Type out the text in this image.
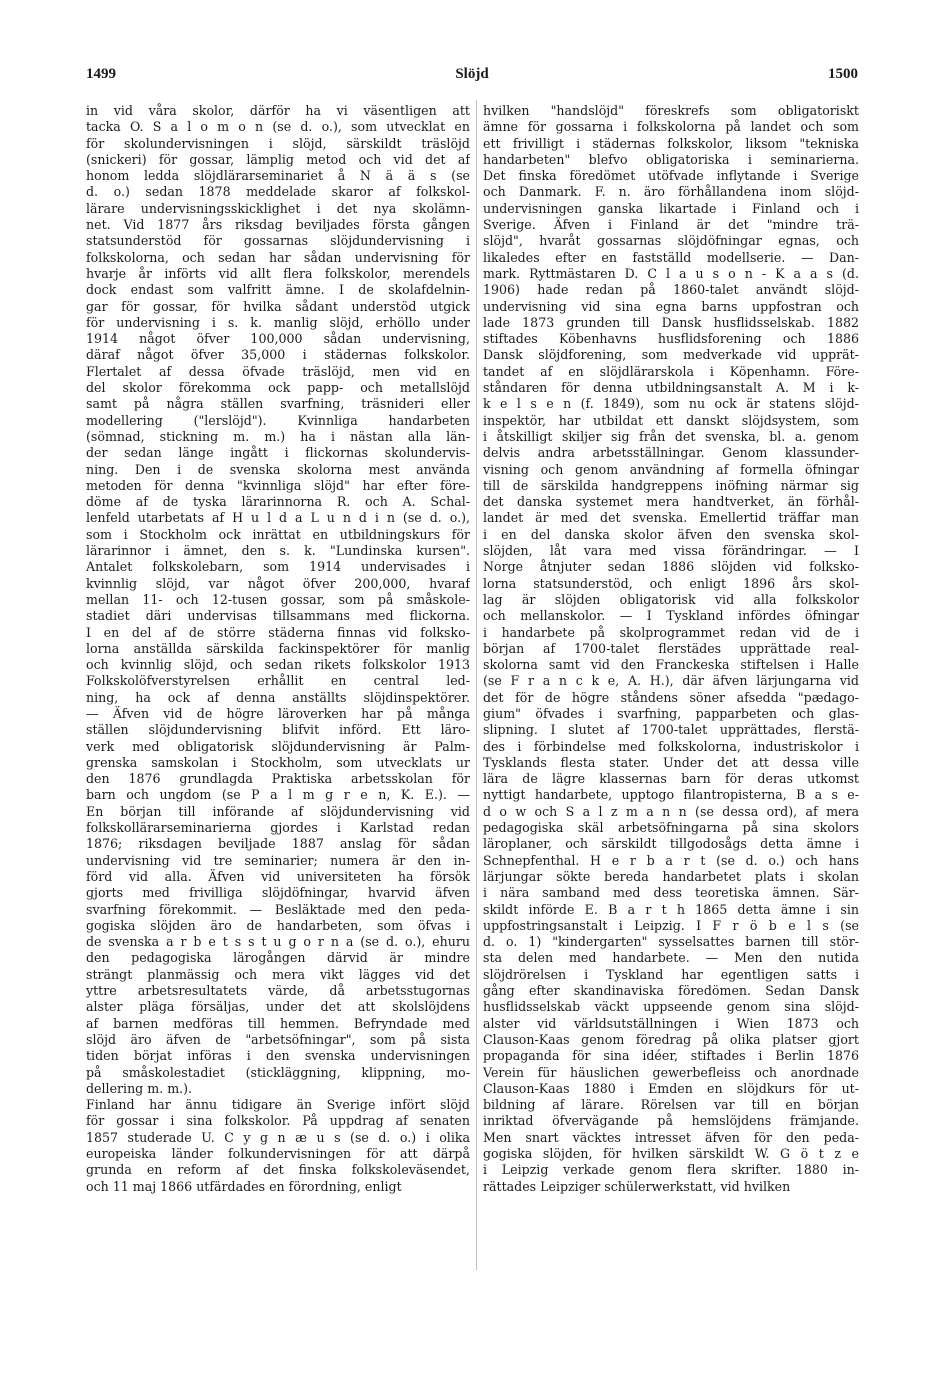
1499	Slöjd	1500
in vid våra skolor, därför ha vi väsentligen att
tacka O. S a l o m o n (se d. o.), som utvecklat en
för skolundervisningen i slöjd, särskildt träslöjd
(snickeri) för gossar, lämplig metod och vid det af
honom ledda slöjdlärarseminariet å N ä ä s (se
d. o.) sedan 1878 meddelade skaror af folkskol-
lärare undervisningsskicklighet i det nya skolämn-
net. Vid 1877 års riksdag beviljades första gången
statsunderstöd för gossarnas slöjdundervisning i
folkskolorna, och sedan har sådan undervisning för
hvarje år införts vid allt flera folkskolor, merendels
dock endast som valfritt ämne. I de skolafdelnin-
gar för gossar, för hvilka sådant understöd utgick
för undervisning i s. k. manlig slöjd, erhöllo under
1914 något öfver 100,000 sådan undervisning,
däraf något öfver 35,000 i städernas folkskolor.
Flertalet af dessa öfvade träslöjd, men vid en
del skolor förekomma ock papp- och metallslöjd
samt på några ställen svarfning, träsnideri eller
modellering ("lerslöjd"). Kvinnliga handarbeten
(sömnad, stickning m. m.) ha i nästan alla län-
der sedan länge ingått i flickornas skolundervis-
ning. Den i de svenska skolorna mest använda
metoden för denna "kvinnliga slöjd" har efter före-
döme af de tyska lärarinnorna R. och A. Schal-
lenfeld utarbetats af H u l d a L u n d i n (se d. o.),
som i Stockholm ock inrättat en utbildningskurs för
lärarinnor i ämnet, den s. k. "Lundinska kursen".
Antalet folkskolebarn, som 1914 undervisades i
kvinnlig slöjd, var något öfver 200,000, hvaraf
mellan 11- och 12-tusen gossar, som på småskole-
stadiet däri undervisas tillsammans med flickorna.
I en del af de större städerna finnas vid folksko-
lorna anställda särskilda fackinspektörer för manlig
och kvinnlig slöjd, och sedan rikets folkskolor 1913
Folkskolöfverstyrelsen erhållit en central led-
ning, ha ock af denna anställts slöjdinspektörer.
— Äfven vid de högre läroverken har på många
ställen slöjdundervisning blifvit införd. Ett läro-
verk med obligatorisk slöjdundervisning är Palm-
grenska samskolan i Stockholm, som utvecklats ur
den 1876 grundlagda Praktiska arbetsskolan för
barn och ungdom (se P a l m g r e n, K. E.). —
En början till införande af slöjdundervisning vid
folkskollärarseminarierna gjordes i Karlstad redan
1876; riksdagen beviljade 1887 anslag för sådan
undervisning vid tre seminarier; numera är den in-
förd vid alla. Äfven vid universiteten ha försök
gjorts med frivilliga slöjdöfningar, hvarvid äfven
svarfning förekommit. — Besläktade med den peda-
gogiska slöjden äro de handarbeten, som öfvas i
de svenska a r b e t s s t u g o r n a (se d. o.), ehuru
den pedagogiska lärogången därvid är mindre
strängt planmässig och mera vikt lägges vid det
yttre arbetsresultatets värde, då arbetsstugornas
alster pläga försäljas, under det att skolslöjdens
af barnen medföras till hemmen. Befryndade med
slöjd äro äfven de "arbetsöfningar", som på sista
tiden börjat införas i den svenska undervisningen
på småskolestadiet (stickläggning, klippning, mo-
dellering m. m.).
Finland har ännu tidigare än Sverige infört slöjd
för gossar i sina folkskolor. På uppdrag af senaten
1857 studerade U. C y g n æ u s (se d. o.) i olika
europeiska länder folkundervisningen för att därpå
grunda en reform af det finska folkskoleväsendet,
och 11 maj 1866 utfärdades en förordning, enligt
hvilken "handslöjd" föreskrefs som obligatoriskt
ämne för gossarna i folkskolorna på landet och som
ett frivilligt i städernas folkskolor, liksom "tekniska
handarbeten" blefvo obligatoriska i seminarierna.
Det finska föredömet utöfvade inflytande i Sverige
och Danmark. F. n. äro förhållandena inom slöjd-
undervisningen ganska likartade i Finland och i
Sverige. Äfven i Finland är det "mindre trä-
slöjd", hvaråt gossarnas slöjdöfningar egnas, och
likaledes efter en fastställd modellserie. — Dan-
mark. Ryttmästaren D. C l a u s o n - K a a s (d.
1906) hade redan på 1860-talet användt slöjd-
undervisning vid sina egna barns uppfostran och
lade 1873 grunden till Dansk husflidsselskab. 1882
stiftades Köbenhavns husflidsforening och 1886
Dansk slöjdforening, som medverkade vid upprät-
tandet af en slöjdlärarskola i Köpenhamn. Före-
ståndaren för denna utbildningsanstalt A. M i k-
k e l s e n (f. 1849), som nu ock är statens slöjd-
inspektör, har utbildat ett danskt slöjdsystem, som
i åtskilligt skiljer sig från det svenska, bl. a. genom
delvis andra arbetsställningar. Genom klassunder-
visning och genom användning af formella öfningar
till de särskilda handgreppens inöfning närmar sig
det danska systemet mera handtverket, än förhål-
landet är med det svenska. Emellertid träffar man
i en del danska skolor äfven den svenska skol-
slöjden, låt vara med vissa förändringar. — I
Norge åtnjuter sedan 1886 slöjden vid folksko-
lorna statsunderstöd, och enligt 1896 års skol-
lag är slöjden obligatorisk vid alla folkskolor
och mellanskolor. — I Tyskland infördes öfningar
i handarbete på skolprogrammet redan vid de i
början af 1700-talet flerstädes upprättade real-
skolorna samt vid den Franckeska stiftelsen i Halle
(se F r a n c k e, A. H.), där äfven lärjungarna vid
det för de högre ståndens söner afsedda "pædago-
gium" öfvades i svarfning, papparbeten och glas-
slipning. I slutet af 1700-talet upprättades, flerstä-
des i förbindelse med folkskolorna, industriskolor i
Tysklands flesta stater. Under det att dessa ville
lära de lägre klassernas barn för deras utkomst
nyttigt handarbete, upptogo filantropisterna, B a s e-
d o w och S a l z m a n n (se dessa ord), af mera
pedagogiska skäl arbetsöfningarna på sina skolors
läroplaner, och särskildt tillgodosågs detta ämne i
Schnepfenthal. H e r b a r t (se d. o.) och hans
lärjungar sökte bereda handarbetet plats i skolan
i nära samband med dess teoretiska ämnen. Sär-
skildt införde E. B a r t h 1865 detta ämne i sin
uppfostringsanstalt i Leipzig. I F r ö b e l s (se
d. o. 1) "kindergarten" sysselsattes barnen till stör-
sta delen med handarbete. — Men den nutida
slöjdrörelsen i Tyskland har egentligen satts i
gång efter skandinaviska föredömen. Sedan Dansk
husflidsselskab väckt uppseende genom sina slöjd-
alster vid världsutställningen i Wien 1873 och
Clauson-Kaas genom föredrag på olika platser gjort
propaganda för sina idéer, stiftades i Berlin 1876
Verein für häuslichen gewerbefleiss och anordnade
Clauson-Kaas 1880 i Emden en slöjdkurs för ut-
bildning af lärare. Rörelsen var till en början
inriktad öfvervägande på hemslöjdens främjande.
Men snart väcktes intresset äfven för den peda-
gogiska slöjden, för hvilken särskildt W. G ö t z e
i Leipzig verkade genom flera skrifter. 1880 in-
rättades Leipziger schülerwerkstatt, vid hvilken
